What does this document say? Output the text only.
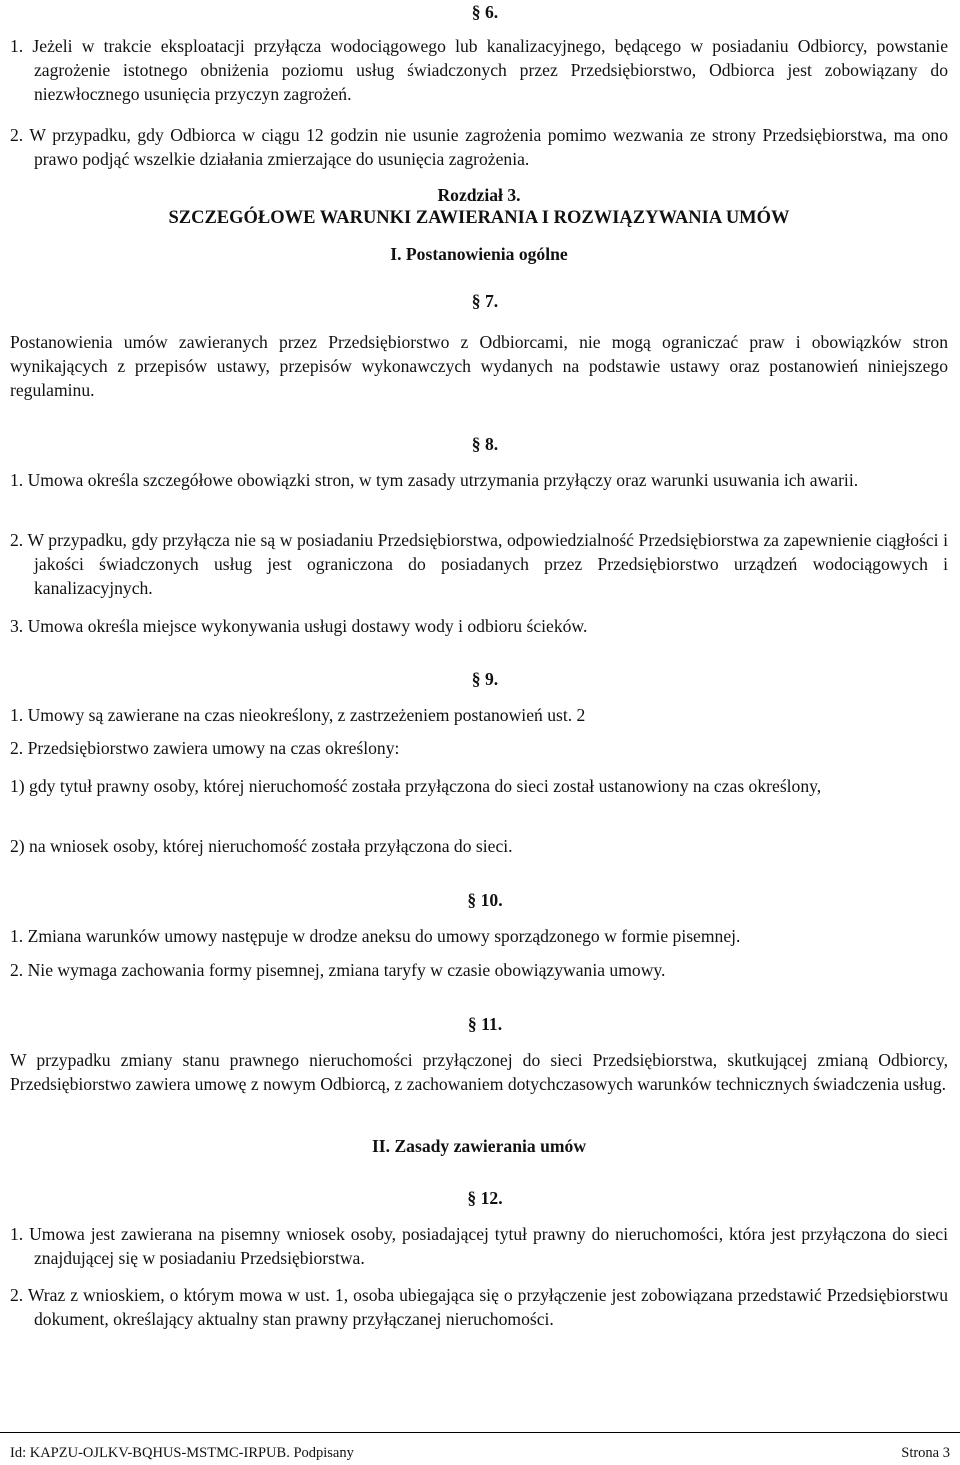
§ 6.

1. Jeżeli w trakcie eksploatacji przyłącza wodociągowego lub kanalizacyjnego, będącego w posiadaniu Odbiorcy, powstanie zagrożenie istotnego obniżenia poziomu usług świadczonych przez Przedsiębiorstwo, Odbiorca jest zobowiązany do niezwłocznego usunięcia przyczyn zagrożeń.

2. W przypadku, gdy Odbiorca w ciągu 12 godzin nie usunie zagrożenia pomimo wezwania ze strony Przedsiębiorstwa, ma ono prawo podjąć wszelkie działania zmierzające do usunięcia zagrożenia.

Rozdział 3.

SZCZEGÓŁOWE WARUNKI ZAWIERANIA I ROZWIĄZYWANIA UMÓW

I. Postanowienia ogólne

§ 7.

Postanowienia umów zawieranych przez Przedsiębiorstwo z Odbiorcami, nie mogą ograniczać praw i obowiązków stron wynikających z przepisów ustawy, przepisów wykonawczych wydanych na podstawie ustawy oraz postanowień niniejszego regulaminu.

§ 8.

1. Umowa określa szczegółowe obowiązki stron, w tym zasady utrzymania przyłączy oraz warunki usuwania ich awarii.

2. W przypadku, gdy przyłącza nie są w posiadaniu Przedsiębiorstwa, odpowiedzialność Przedsiębiorstwa za zapewnienie ciągłości i jakości świadczonych usług jest ograniczona do posiadanych przez Przedsiębiorstwo urządzeń wodociągowych i kanalizacyjnych.

3. Umowa określa miejsce wykonywania usługi dostawy wody i odbioru ścieków.

§ 9.

1. Umowy są zawierane na czas nieokreślony, z zastrzeżeniem postanowień ust. 2

2. Przedsiębiorstwo zawiera umowy na czas określony:

1) gdy tytuł prawny osoby, której nieruchomość została przyłączona do sieci został ustanowiony na czas określony,

2) na wniosek osoby, której nieruchomość została przyłączona do sieci.

§ 10.

1. Zmiana warunków umowy następuje w drodze aneksu do umowy sporządzonego w formie pisemnej.

2. Nie wymaga zachowania formy pisemnej, zmiana taryfy w czasie obowiązywania umowy.

§ 11.

W przypadku zmiany stanu prawnego nieruchomości przyłączonej do sieci Przedsiębiorstwa, skutkującej zmianą Odbiorcy, Przedsiębiorstwo zawiera umowę z nowym Odbiorcą, z zachowaniem dotychczasowych warunków technicznych świadczenia usług.

II. Zasady zawierania umów

§ 12.

1. Umowa jest zawierana na pisemny wniosek osoby, posiadającej tytuł prawny do nieruchomości, która jest przyłączona do sieci znajdującej się w posiadaniu Przedsiębiorstwa.

2. Wraz z wnioskiem, o którym mowa w ust. 1, osoba ubiegająca się o przyłączenie jest zobowiązana przedstawić Przedsiębiorstwu dokument, określający aktualny stan prawny przyłączanej nieruchomości.

Id: KAPZU-OJLKV-BQHUS-MSTMC-IRPUB. Podpisany	Strona 3
